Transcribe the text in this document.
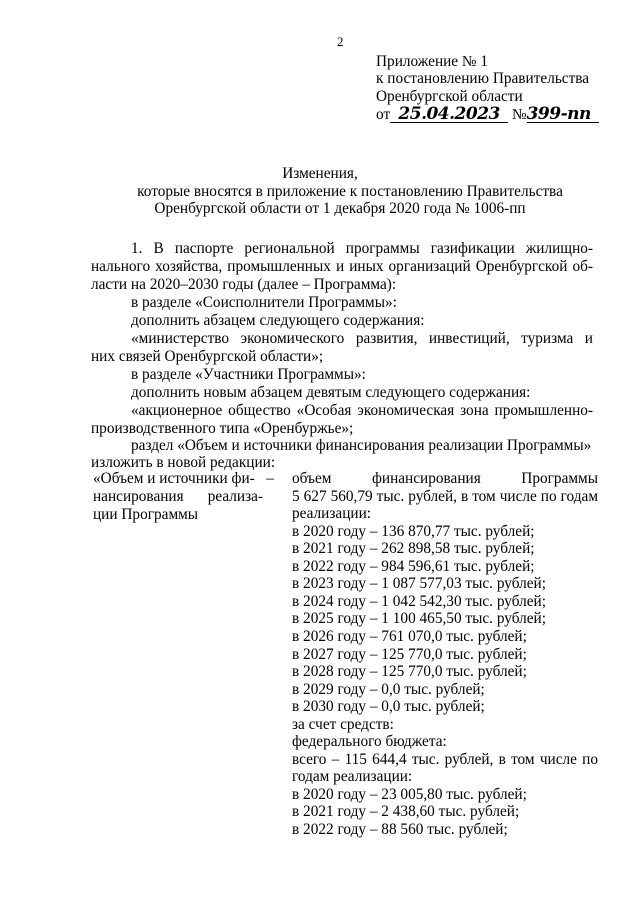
2
Приложение № 1
к постановлению Правительства
Оренбургской области
от 25.04.2023 №399-пп
Изменения,
которые вносятся в приложение к постановлению Правительства
Оренбургской области от 1 декабря 2020 года № 1006-пп
1. В паспорте региональной программы газификации жилищно-
нального хозяйства, промышленных и иных организаций Оренбургской об-
ласти на 2020–2030 годы (далее – Программа):
в разделе «Соисполнители Программы»:
дополнить абзацем следующего содержания:
«министерство экономического развития, инвестиций, туризма и
них связей Оренбургской области»;
в разделе «Участники Программы»:
дополнить новым абзацем девятым следующего содержания:
«акционерное общество «Особая экономическая зона промышленно-
производственного типа «Оренбуржье»;
раздел «Объем и источники финансирования реализации Программы»
изложить в новой редакции:
«Объем и источники фи-   –
нансирования реализа-
ции Программы
объем финансирования Программы
5 627 560,79 тыс. рублей, в том числе по годам
реализации:
в 2020 году – 136 870,77 тыс. рублей;
в 2021 году – 262 898,58 тыс. рублей;
в 2022 году – 984 596,61 тыс. рублей;
в 2023 году – 1 087 577,03 тыс. рублей;
в 2024 году – 1 042 542,30 тыс. рублей;
в 2025 году – 1 100 465,50 тыс. рублей;
в 2026 году – 761 070,0 тыс. рублей;
в 2027 году – 125 770,0 тыс. рублей;
в 2028 году – 125 770,0 тыс. рублей;
в 2029 году – 0,0 тыс. рублей;
в 2030 году – 0,0 тыс. рублей;
за счет средств:
федерального бюджета:
всего – 115 644,4 тыс. рублей, в том числе по
годам реализации:
в 2020 году – 23 005,80 тыс. рублей;
в 2021 году – 2 438,60 тыс. рублей;
в 2022 году – 88 560 тыс. рублей;
